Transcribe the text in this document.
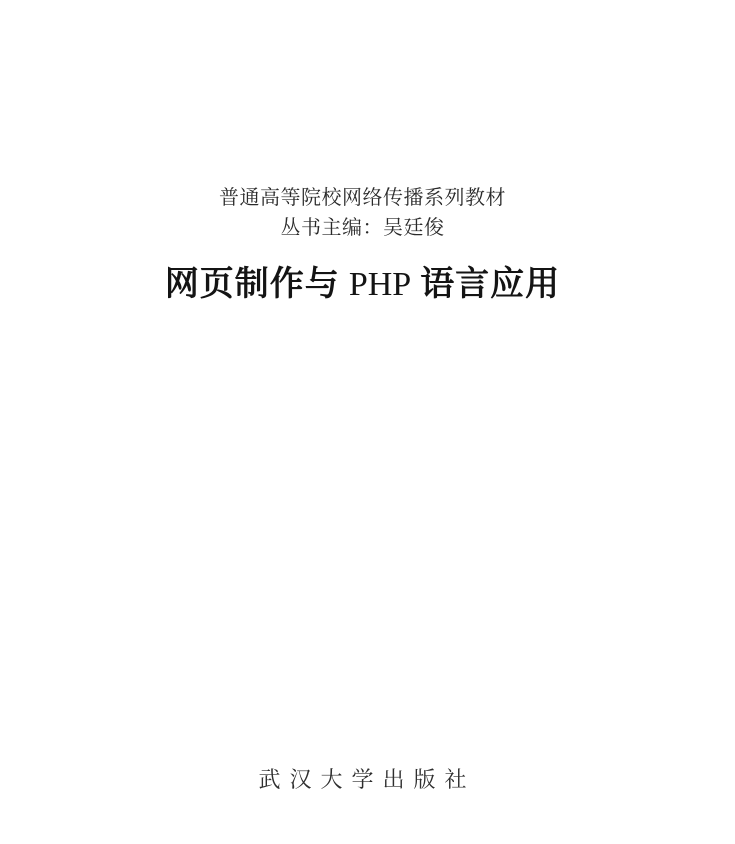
普通高等院校网络传播系列教材
丛书主编：吴廷俊
网页制作与 PHP 语言应用
武汉大学出版社
